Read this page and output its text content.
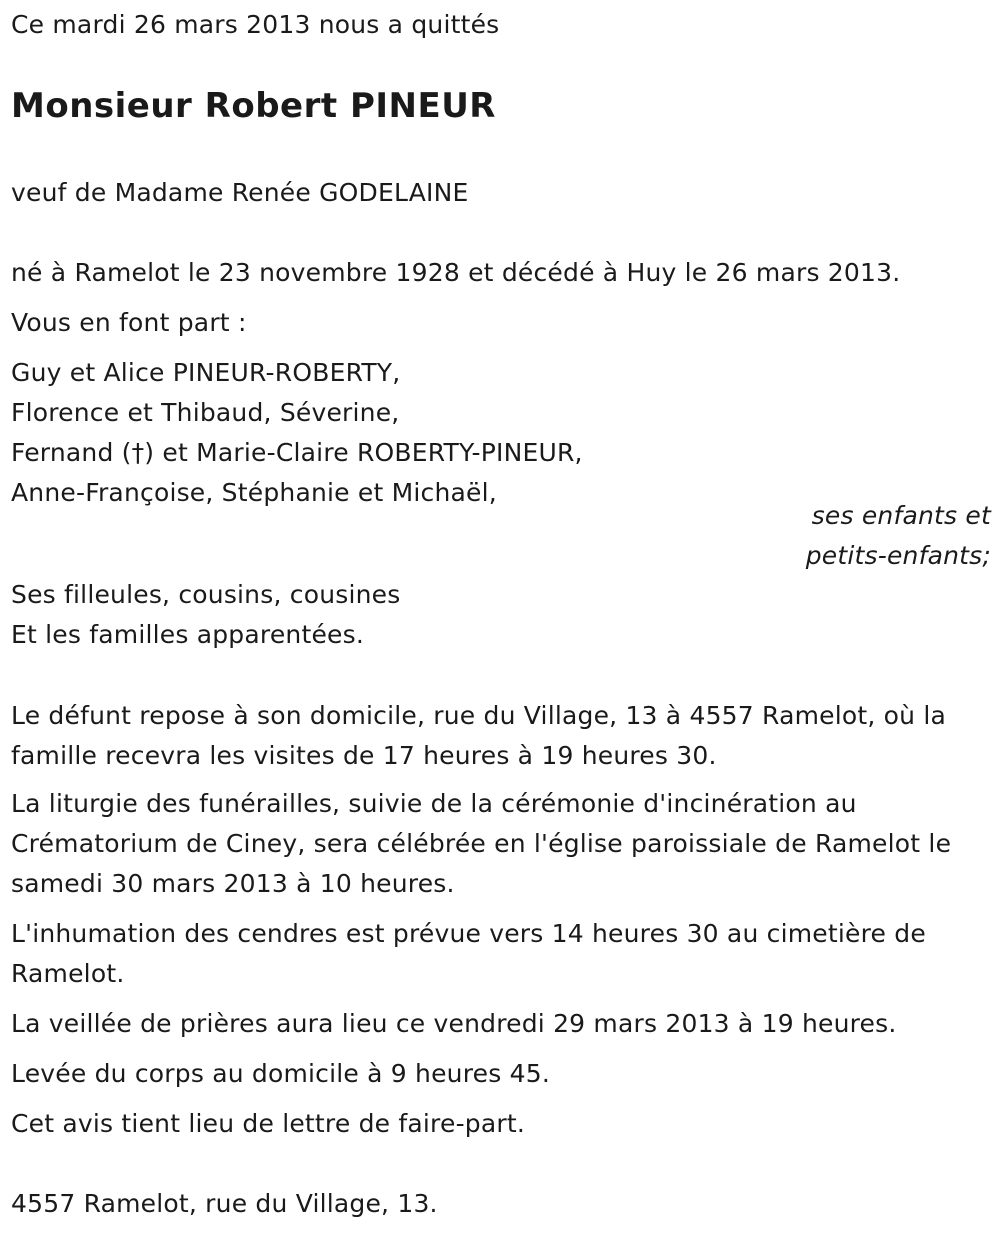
Ce mardi 26 mars 2013 nous a quittés
Monsieur Robert PINEUR
veuf de Madame Renée GODELAINE
né à Ramelot le 23 novembre 1928 et décédé à Huy le 26 mars 2013.
Vous en font part :
Guy et Alice PINEUR-ROBERTY,
Florence et Thibaud, Séverine,
Fernand (†) et Marie-Claire ROBERTY-PINEUR,
Anne-Françoise, Stéphanie et Michaël,
ses enfants et
petits-enfants;
Ses filleules, cousins, cousines
Et les familles apparentées.
Le défunt repose à son domicile, rue du Village, 13 à 4557 Ramelot, où la famille recevra les visites de 17 heures à 19 heures 30.
La liturgie des funérailles, suivie de la cérémonie d'incinération au Crématorium de Ciney, sera célébrée en l'église paroissiale de Ramelot le samedi 30 mars 2013 à 10 heures.
L'inhumation des cendres est prévue vers 14 heures 30 au cimetière de Ramelot.
La veillée de prières aura lieu ce vendredi 29 mars 2013 à 19 heures.
Levée du corps au domicile à 9 heures 45.
Cet avis tient lieu de lettre de faire-part.
4557 Ramelot, rue du Village, 13.
